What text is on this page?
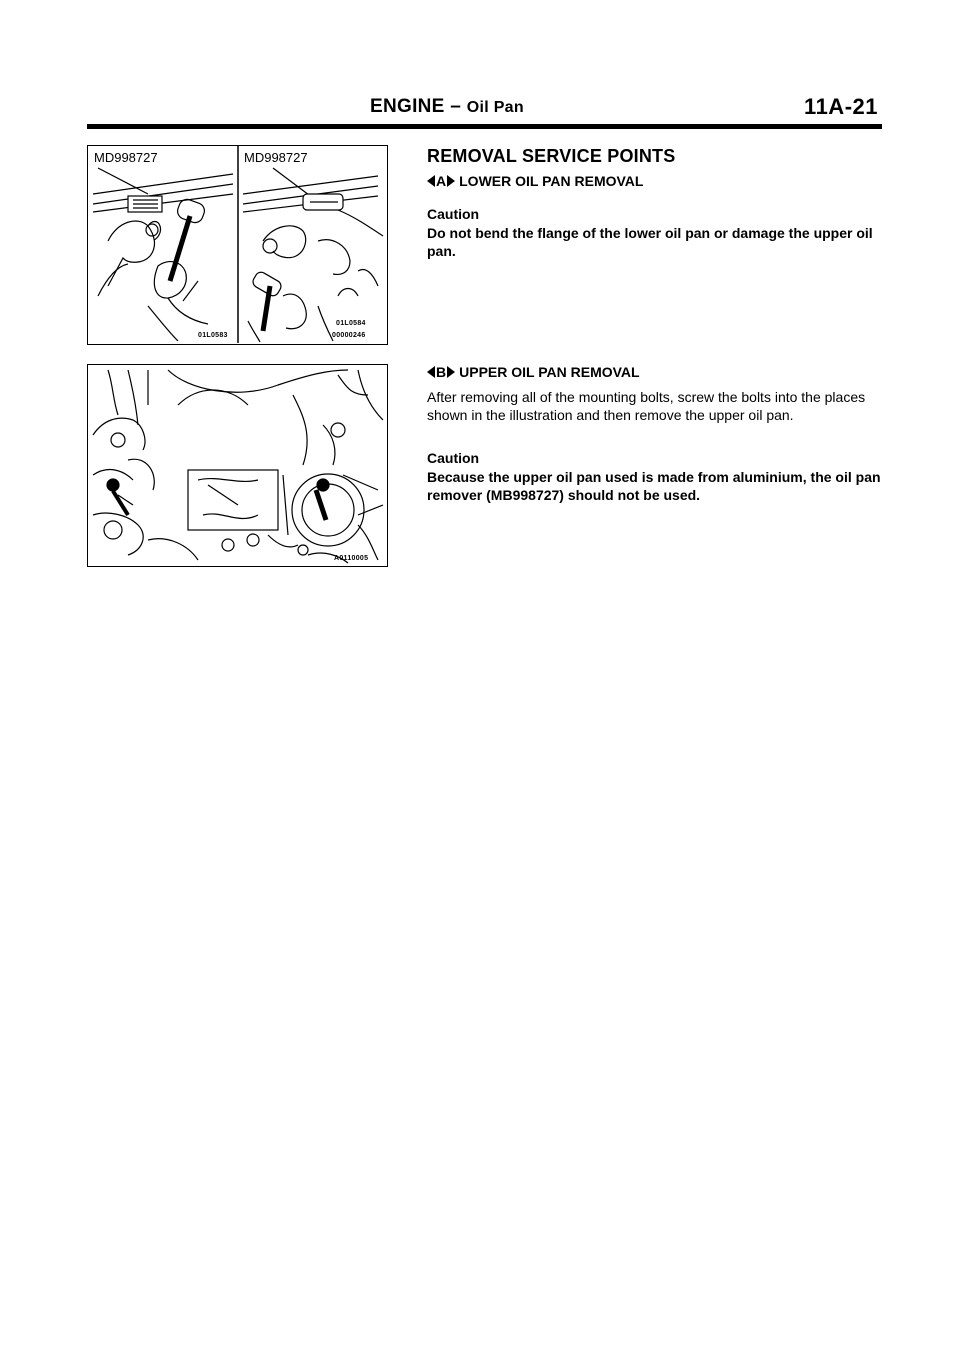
ENGINE – Oil Pan	11A-21
MD998727	MD998727
01L0583
01L0584
00000246
A0110005
REMOVAL SERVICE POINTS
A LOWER OIL PAN REMOVAL
Caution
Do not bend the flange of the lower oil pan or damage the upper oil pan.
B UPPER OIL PAN REMOVAL
After removing all of the mounting bolts, screw the bolts into the places shown in the illustration and then remove the upper oil pan.
Caution
Because the upper oil pan used is made from aluminium, the oil pan remover (MB998727) should not be used.
